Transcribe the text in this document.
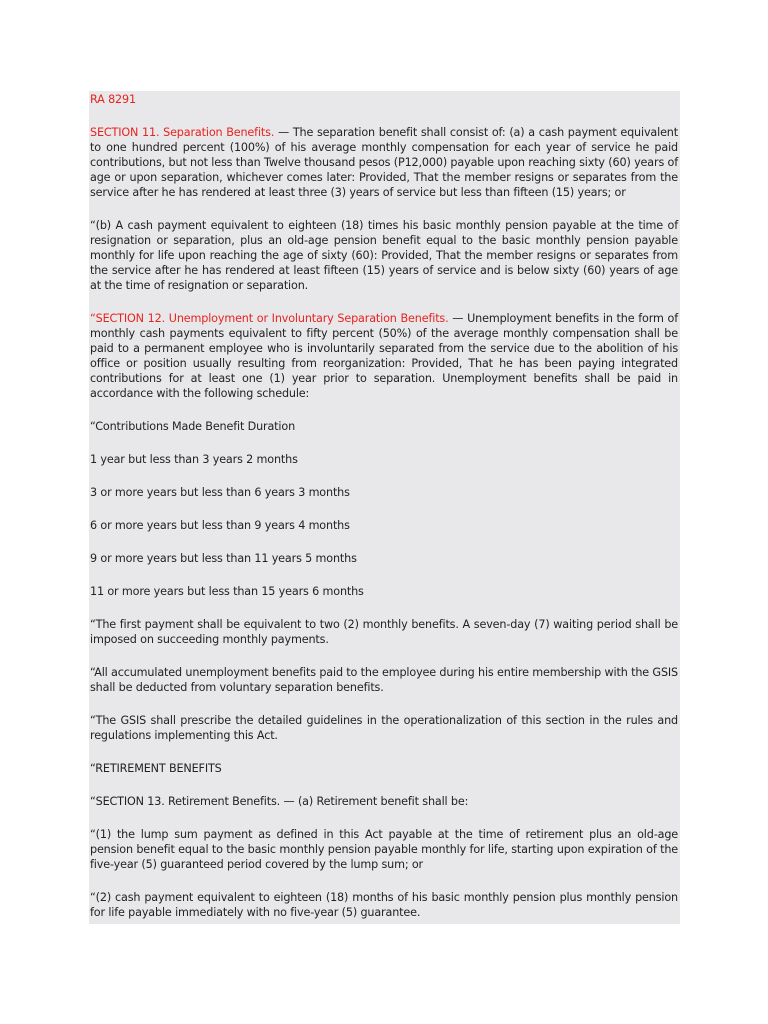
RA 8291

SECTION 11. Separation Benefits. — The separation benefit shall consist of: (a) a cash payment equivalent to one hundred percent (100%) of his average monthly compensation for each year of service he paid contributions, but not less than Twelve thousand pesos (P12,000) payable upon reaching sixty (60) years of age or upon separation, whichever comes later: Provided, That the member resigns or separates from the service after he has rendered at least three (3) years of service but less than fifteen (15) years; or

“(b) A cash payment equivalent to eighteen (18) times his basic monthly pension payable at the time of resignation or separation, plus an old-age pension benefit equal to the basic monthly pension payable monthly for life upon reaching the age of sixty (60): Provided, That the member resigns or separates from the service after he has rendered at least fifteen (15) years of service and is below sixty (60) years of age at the time of resignation or separation.

“SECTION 12. Unemployment or Involuntary Separation Benefits. — Unemployment benefits in the form of monthly cash payments equivalent to fifty percent (50%) of the average monthly compensation shall be paid to a permanent employee who is involuntarily separated from the service due to the abolition of his office or position usually resulting from reorganization: Provided, That he has been paying integrated contributions for at least one (1) year prior to separation. Unemployment benefits shall be paid in accordance with the following schedule:

“Contributions Made Benefit Duration

1 year but less than 3 years 2 months

3 or more years but less than 6 years 3 months

6 or more years but less than 9 years 4 months

9 or more years but less than 11 years 5 months

11 or more years but less than 15 years 6 months

“The first payment shall be equivalent to two (2) monthly benefits. A seven-day (7) waiting period shall be imposed on succeeding monthly payments.

“All accumulated unemployment benefits paid to the employee during his entire membership with the GSIS shall be deducted from voluntary separation benefits.

“The GSIS shall prescribe the detailed guidelines in the operationalization of this section in the rules and regulations implementing this Act.

“RETIREMENT BENEFITS

“SECTION 13. Retirement Benefits. — (a) Retirement benefit shall be:

“(1) the lump sum payment as defined in this Act payable at the time of retirement plus an old-age pension benefit equal to the basic monthly pension payable monthly for life, starting upon expiration of the five-year (5) guaranteed period covered by the lump sum; or

“(2) cash payment equivalent to eighteen (18) months of his basic monthly pension plus monthly pension for life payable immediately with no five-year (5) guarantee.
